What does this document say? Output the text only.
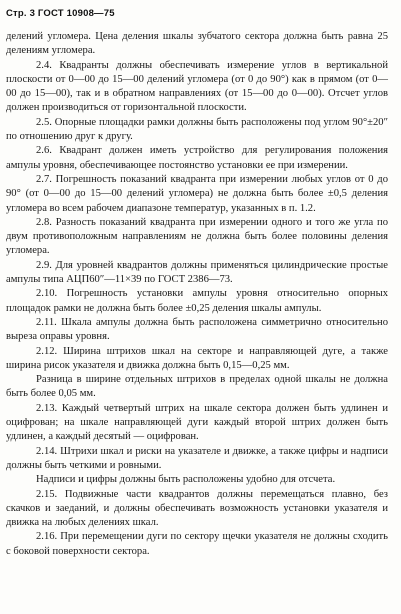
Стр. 3 ГОСТ 10908—75

делений угломера. Цена деления шкалы зубчатого сектора должна быть равна 25 делениям угломера.

2.4. Квадранты должны обеспечивать измерение углов в вертикальной плоскости от 0—00 до 15—00 делений угломера (от 0 до 90°) как в прямом (от 0—00 до 15—00), так и в обратном направлениях (от 15—00 до 0—00). Отсчет углов должен производиться от горизонтальной плоскости.

2.5. Опорные площадки рамки должны быть расположены под углом 90°±20″ по отношению друг к другу.

2.6. Квадрант должен иметь устройство для регулирования положения ампулы уровня, обеспечивающее постоянство установки ее при измерении.

2.7. Погрешность показаний квадранта при измерении любых углов от 0 до 90° (от 0—00 до 15—00 делений угломера) не должна быть более ±0,5 деления угломера во всем рабочем диапазоне температур, указанных в п. 1.2.

2.8. Разность показаний квадранта при измерении одного и того же угла по двум противоположным направлениям не должна быть более половины деления угломера.

2.9. Для уровней квадрантов должны применяться цилиндрические простые ампулы типа АЦП60″—11×39 по ГОСТ 2386—73.

2.10. Погрешность установки ампулы уровня относительно опорных площадок рамки не должна быть более ±0,25 деления шкалы ампулы.

2.11. Шкала ампулы должна быть расположена симметрично относительно выреза оправы уровня.

2.12. Ширина штрихов шкал на секторе и направляющей дуге, а также ширина рисок указателя и движка должна быть 0,15—0,25 мм.

Разница в ширине отдельных штрихов в пределах одной шкалы не должна быть более 0,05 мм.

2.13. Каждый четвертый штрих на шкале сектора должен быть удлинен и оцифрован; на шкале направляющей дуги каждый второй штрих должен быть удлинен, а каждый десятый — оцифрован.

2.14. Штрихи шкал и риски на указателе и движке, а также цифры и надписи должны быть четкими и ровными.

Надписи и цифры должны быть расположены удобно для отсчета.

2.15. Подвижные части квадрантов должны перемещаться плавно, без скачков и заеданий, и должны обеспечивать возможность установки указателя и движка на любых делениях шкал.

2.16. При перемещении дуги по сектору щечки указателя не должны сходить с боковой поверхности сектора.
